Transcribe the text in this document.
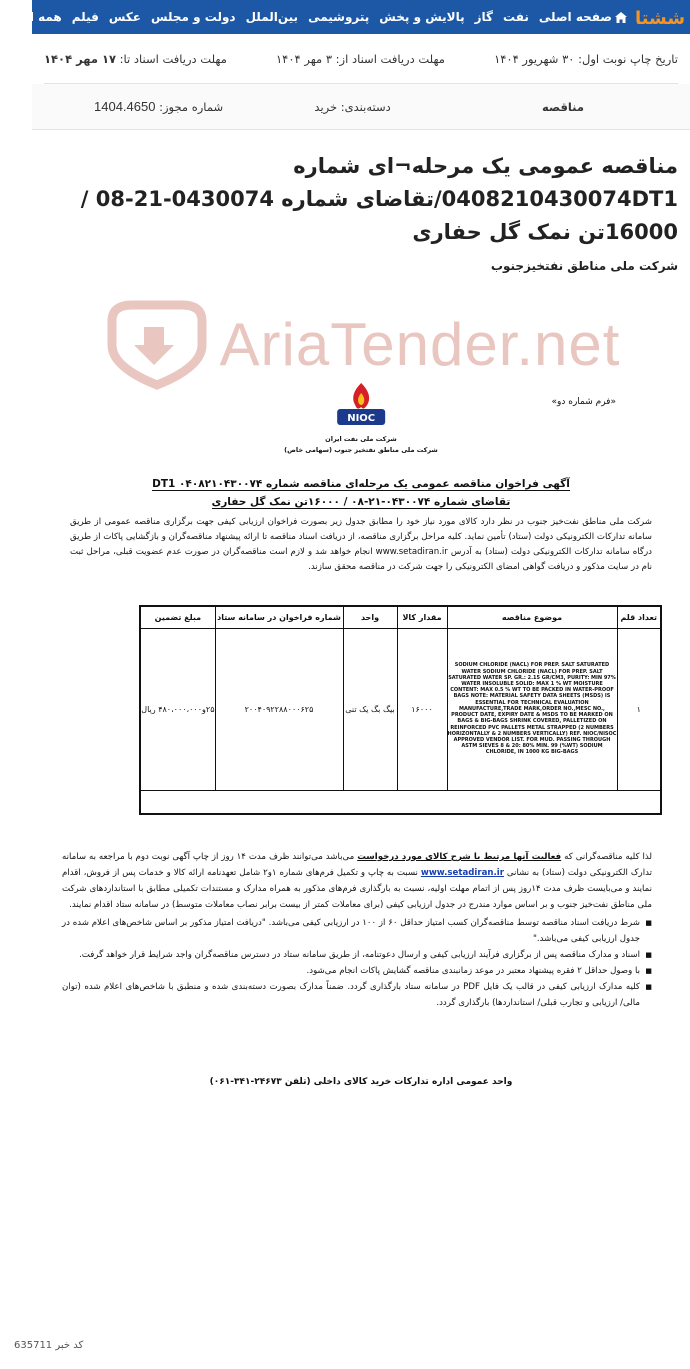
ششتا
صفحه اصلی
نفت
گاز
پالایش و پخش
پتروشیمی
بین‌الملل
دولت و مجلس
عکس
فیلم
همه اخبار
تاریخ چاپ نوبت اول: ۳۰ شهریور ۱۴۰۴
مهلت دریافت اسناد از: ۳ مهر ۱۴۰۴
مهلت دریافت اسناد تا: ۱۷ مهر ۱۴۰۴
مناقصه
دسته‌بندی: خرید
شماره مجوز: 1404.4650
مناقصه عمومی یک مرحله¬ای شماره 0408210430074DT1/تقاضای شماره 0430074-21-08 / 16000تن نمک گل حفاری
شرکت ملی مناطق نفتخیزجنوب
AriaTender.net
«فرم شماره دو»
NIOC
شرکت ملی نفت ایران
شرکت ملی مناطق نفتخیز جنوب (سهامی خاص)
آگهی فراخوان مناقصه عمومی یک مرحله‌ای مناقصه شماره DT1 ۰۴۰۸۲۱۰۴۳۰۰۷۴
تقاضای شماره ۰۴۳۰۰۷۴-۲۱-۰۸ / ۱۶۰۰۰تن نمک گل حفاری

شرکت ملی مناطق نفت‌خیز جنوب در نظر دارد کالای مورد نیاز خود را مطابق جدول زیر بصورت فراخوان ارزیابی کیفی جهت برگزاری مناقصه عمومی از طریق سامانه تدارکات الکترونیکی دولت (ستاد) تأمین نماید. کلیه مراحل برگزاری مناقصه، از دریافت اسناد مناقصه تا ارائه پیشنهاد مناقصه‌گران و بازگشایی پاکات از طریق درگاه سامانه تدارکات الکترونیکی دولت (ستاد) به آدرس www.setadiran.ir انجام خواهد شد و لازم است مناقصه‌گران در صورت عدم عضویت قبلی، مراحل ثبت نام در سایت مذکور و دریافت گواهی امضای الکترونیکی را جهت شرکت در مناقصه محقق سازند.

تعداد قلم	موضوع مناقصه	مقدار کالا	واحد	شماره فراخوان در سامانه ستاد	مبلغ تضمین
۱	SODIUM CHLORIDE (NACL) FOR PREP. SALT SATURATED WATER SODIUM CHLORIDE (NACL) FOR PREP. SALT SATURATED WATER SP. GR.: 2.15 GR/CM3, PURITY: MIN 97% WATER INSOLUBLE SOLID: MAX 1 % WT MOISTURE CONTENT: MAX 0.5 % WT TO BE PACKED IN WATER-PROOF BAGS NOTE: MATERIAL SAFETY DATA SHEETS (MSDS) IS ESSENTIAL FOR TECHNICAL EVALUATION MANUFACTURE,TRADE MARK,ORDER NO.,MESC NO., PRODUCT DATE, EXPIRY DATE & MSDS TO BE MARKED ON BAGS & BIG-BAGS SHRINK COVERED, PALLETIZED ON REINFORCED PVC PALLETS METAL STRAPPED (2 NUMBERS HORIZONTALLY & 2 NUMBERS VERTICALLY) REF. NIOC/NISOC APPROVED VENDOR LIST. FOR MUD. PASSING THROUGH ASTM SIEVES 8 & 20: 80% MIN. 99 (%WT) SODIUM CHLORIDE, IN 1000 KG BIG-BAGS	۱۶۰۰۰	بیگ بگ یک تنی	۲۰۰۴۰۹۲۲۸۸۰۰۰۶۲۵	۲۵و۴۸۰،۰۰۰،۰۰۰ ریال

لذا کلیه مناقصه‌گرانی که فعالیت آنها مرتبط با شرح کالای مورد درخواست می‌باشد می‌توانند ظرف مدت ۱۴ روز از چاپ آگهی نوبت دوم با مراجعه به سامانه تدارک الکترونیکی دولت (ستاد) به نشانی www.setadiran.ir نسبت به چاپ و تکمیل فرم‌های شماره ۱و۲ شامل تعهدنامه ارائه کالا و خدمات پس از فروش، اقدام نمایند و می‌بایست ظرف مدت ۱۴روز پس از اتمام مهلت اولیه، نسبت به بارگذاری فرم‌های مذکور به همراه مدارک و مستندات تکمیلی مطابق با استانداردهای شرکت ملی مناطق نفت‌خیز جنوب و بر اساس موارد مندرج در جدول ارزیابی کیفی (برای معاملات کمتر از بیست برابر نصاب معاملات متوسط) در سامانه ستاد اقدام نمایند.

■ شرط دریافت اسناد مناقصه توسط مناقصه‌گران کسب امتیاز حداقل ۶۰ از ۱۰۰ در ارزیابی کیفی می‌باشد. "دریافت امتیاز مذکور بر اساس شاخص‌های اعلام شده در جدول ارزیابی کیفی می‌باشد."
■ اسناد و مدارک مناقصه پس از برگزاری فرآیند ارزیابی کیفی و ارسال دعوتنامه، از طریق سامانه ستاد در دسترس مناقصه‌گران واجد شرایط قرار خواهد گرفت.
■ با وصول حداقل ۲ فقره پیشنهاد معتبر در موعد زمانبندی مناقصه گشایش پاکات انجام می‌شود.
■ کلیه مدارک ارزیابی کیفی در قالب یک فایل PDF در سامانه ستاد بارگذاری گردد. ضمناً مدارک بصورت دسته‌بندی شده و منطبق با شاخص‌های اعلام شده (توان مالی/ ارزیابی و تجارب قبلی/ استانداردها) بارگذاری گردد.
واحد عمومی اداره تدارکات خرید کالای داخلی (تلفن ۲۴۶۷۳-۳۴۱-۰۶۱)
کد خبر 635711
